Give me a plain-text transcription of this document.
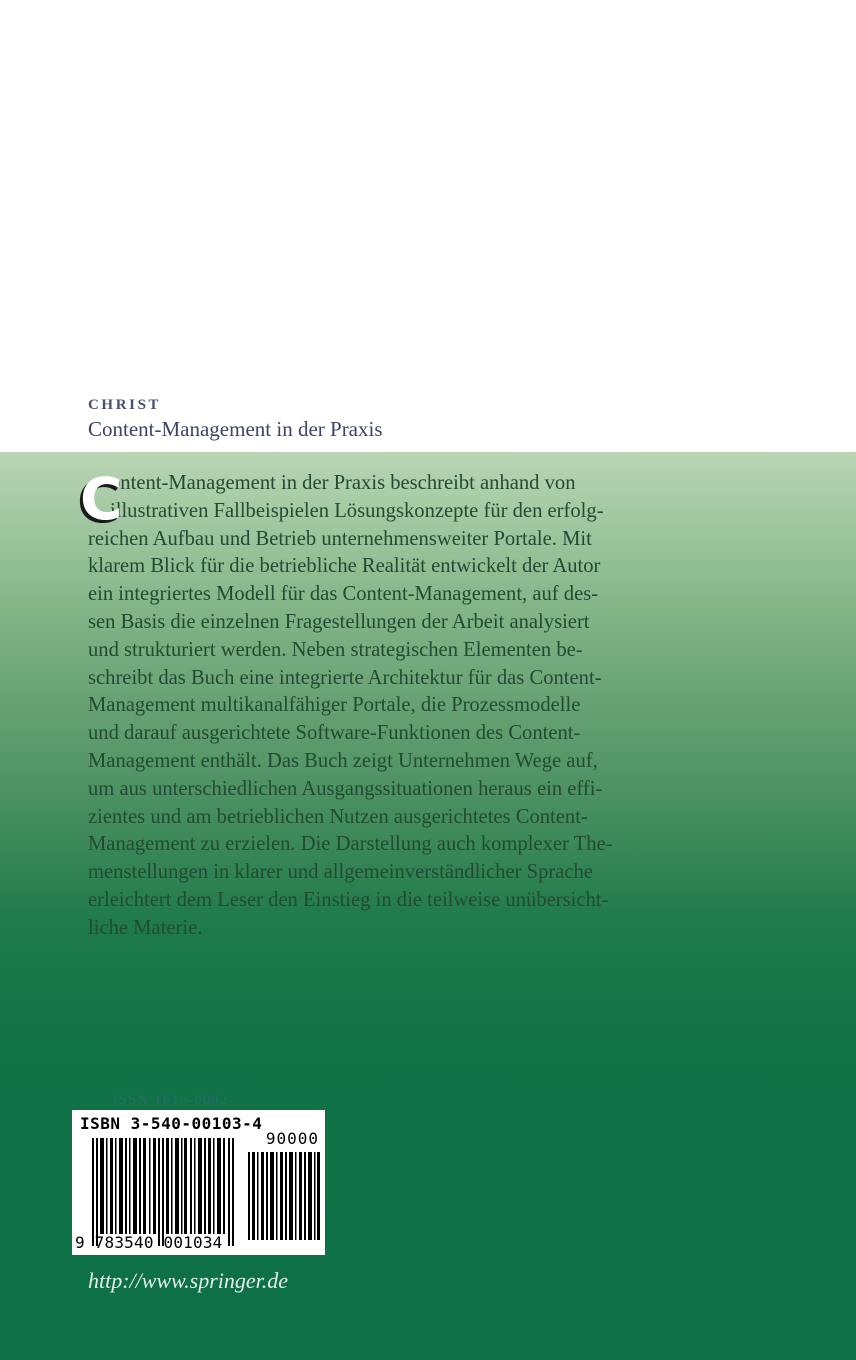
CHRIST
Content-Management in der Praxis
C
ontent-Management in der Praxis beschreibt anhand von
illustrativen Fallbeispielen Lösungskonzepte für den erfolg-
reichen Aufbau und Betrieb unternehmensweiter Portale. Mit
klarem Blick für die betriebliche Realität entwickelt der Autor
ein integriertes Modell für das Content-Management, auf des-
sen Basis die einzelnen Fragestellungen der Arbeit analysiert
und strukturiert werden. Neben strategischen Elementen be-
schreibt das Buch eine integrierte Architektur für das Content-
Management multikanalfähiger Portale, die Prozessmodelle
und darauf ausgerichtete Software-Funktionen des Content-
Management enthält. Das Buch zeigt Unternehmen Wege auf,
um aus unterschiedlichen Ausgangssituationen heraus ein effi-
zientes und am betrieblichen Nutzen ausgerichtetes Content-
Management zu erzielen. Die Darstellung auch komplexer The-
menstellungen in klarer und allgemeinverständlicher Sprache
erleichtert dem Leser den Einstieg in die teilweise unübersicht-
liche Materie.
ISSN 1616-0002
ISBN 3-540-00103-4
90000
9 783540 001034
http://www.springer.de
